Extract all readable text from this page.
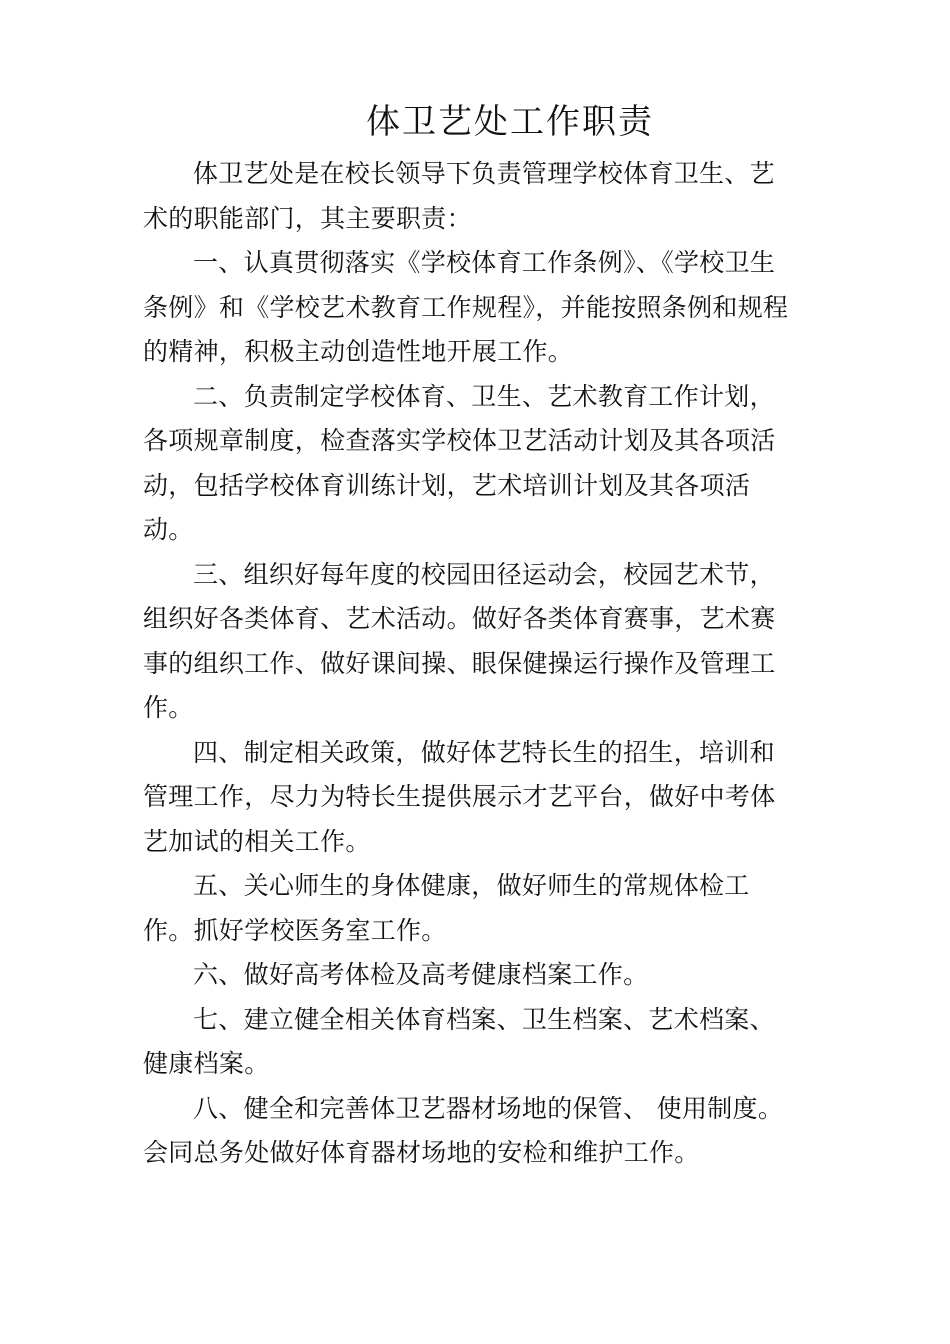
体卫艺处工作职责

体卫艺处是在校长领导下负责管理学校体育卫生、艺术的职能部门，其主要职责：

一、认真贯彻落实《学校体育工作条例》、《学校卫生条例》和《学校艺术教育工作规程》，并能按照条例和规程的精神，积极主动创造性地开展工作。

二、负责制定学校体育、卫生、艺术教育工作计划，各项规章制度，检查落实学校体卫艺活动计划及其各项活动，包括学校体育训练计划，艺术培训计划及其各项活动。

三、组织好每年度的校园田径运动会，校园艺术节，组织好各类体育、艺术活动。做好各类体育赛事，艺术赛事的组织工作、做好课间操、眼保健操运行操作及管理工作。

四、制定相关政策，做好体艺特长生的招生，培训和管理工作，尽力为特长生提供展示才艺平台，做好中考体艺加试的相关工作。

五、关心师生的身体健康，做好师生的常规体检工作。抓好学校医务室工作。

六、做好高考体检及高考健康档案工作。

七、建立健全相关体育档案、卫生档案、艺术档案、健康档案。

八、健全和完善体卫艺器材场地的保管、 使用制度。会同总务处做好体育器材场地的安检和维护工作。
